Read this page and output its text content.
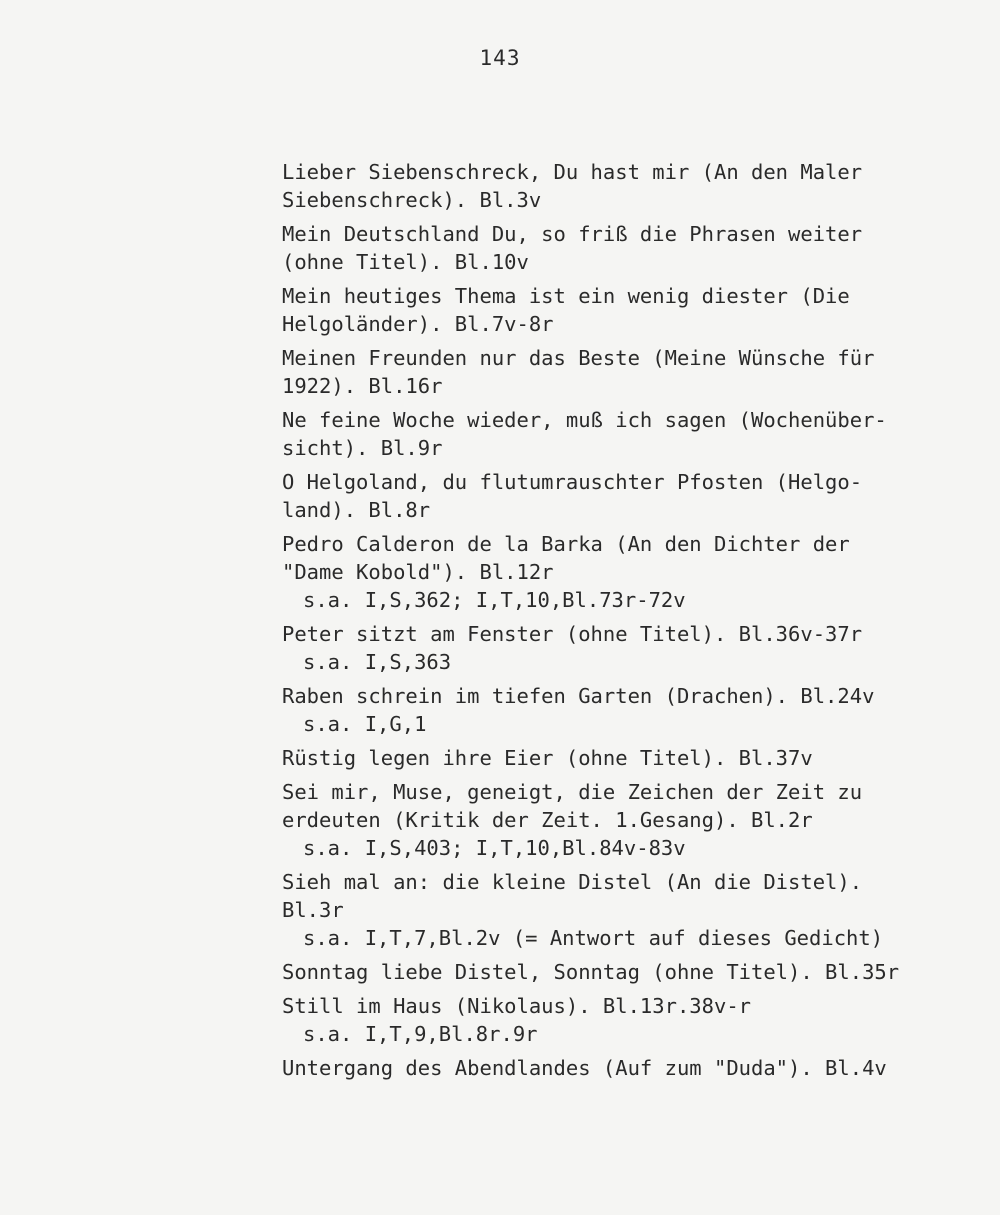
143
Lieber Siebenschreck, Du hast mir (An den Maler
Siebenschreck). Bl.3v
Mein Deutschland Du, so friß die Phrasen weiter
(ohne Titel). Bl.10v
Mein heutiges Thema ist ein wenig diester (Die
Helgoländer). Bl.7v-8r
Meinen Freunden nur das Beste (Meine Wünsche für
1922). Bl.16r
Ne feine Woche wieder, muß ich sagen (Wochenüber-
sicht). Bl.9r
O Helgoland, du flutumrauschter Pfosten (Helgo-
land). Bl.8r
Pedro Calderon de la Barka (An den Dichter der
"Dame Kobold"). Bl.12r
s.a. I,S,362; I,T,10,Bl.73r-72v
Peter sitzt am Fenster (ohne Titel). Bl.36v-37r
s.a. I,S,363
Raben schrein im tiefen Garten (Drachen). Bl.24v
s.a. I,G,1
Rüstig legen ihre Eier (ohne Titel). Bl.37v
Sei mir, Muse, geneigt, die Zeichen der Zeit zu
erdeuten (Kritik der Zeit. 1.Gesang). Bl.2r
s.a. I,S,403; I,T,10,Bl.84v-83v
Sieh mal an: die kleine Distel (An die Distel).
Bl.3r
s.a. I,T,7,Bl.2v (= Antwort auf dieses Gedicht)
Sonntag liebe Distel, Sonntag (ohne Titel). Bl.35r
Still im Haus (Nikolaus). Bl.13r.38v-r
s.a. I,T,9,Bl.8r.9r
Untergang des Abendlandes (Auf zum "Duda"). Bl.4v
